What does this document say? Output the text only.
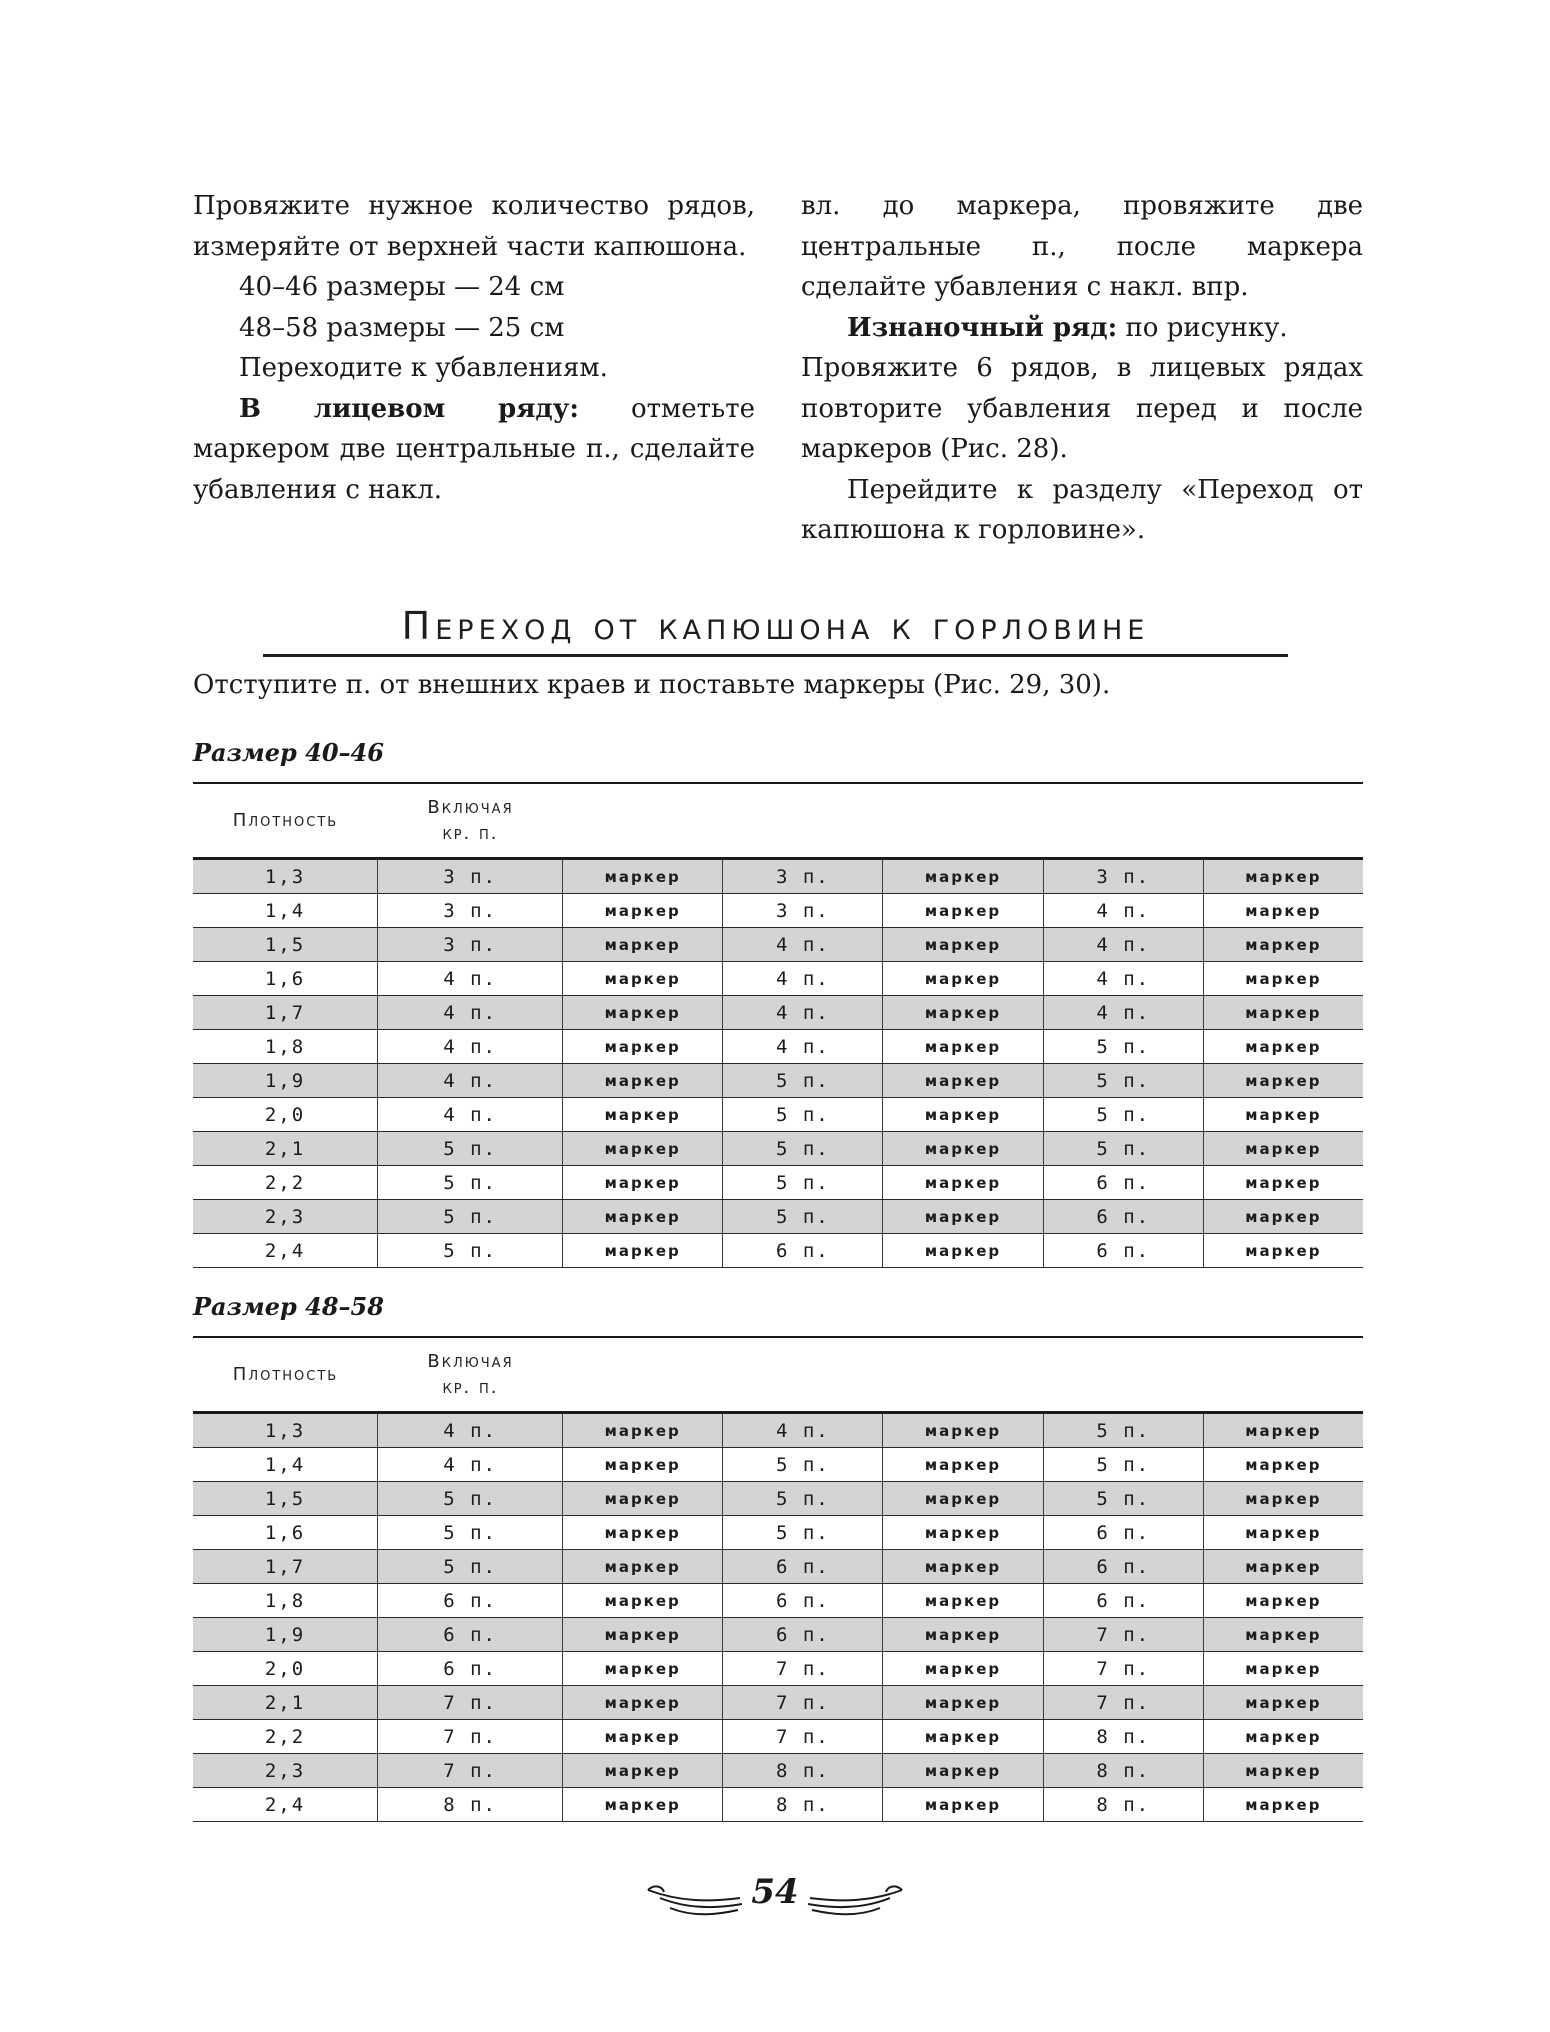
Провяжите нужное количество рядов, измеряйте от верхней части капюшона.

40–46 размеры — 24 см

48–58 размеры — 25 см

Переходите к убавлениям.

В лицевом ряду: отметьте маркером две центральные п., сделайте убавления с накл.

вл. до маркера, провяжите две центральные п., после маркера сделайте убавления с накл. впр.

Изнаночный ряд: по рисунку.

Провяжите 6 рядов, в лицевых рядах повторите убавления перед и после маркеров (Рис. 28).

Перейдите к разделу «Переход от капюшона к горловине».

Переход от капюшона к горловине
Отступите п. от внешних краев и поставьте маркеры (Рис. 29, 30).
Размер 40–46
Плотность
Включая
кр. п.
1,3	3 п.	маркер	3 п.	маркер	3 п.	маркер
1,4	3 п.	маркер	3 п.	маркер	4 п.	маркер
1,5	3 п.	маркер	4 п.	маркер	4 п.	маркер
1,6	4 п.	маркер	4 п.	маркер	4 п.	маркер
1,7	4 п.	маркер	4 п.	маркер	4 п.	маркер
1,8	4 п.	маркер	4 п.	маркер	5 п.	маркер
1,9	4 п.	маркер	5 п.	маркер	5 п.	маркер
2,0	4 п.	маркер	5 п.	маркер	5 п.	маркер
2,1	5 п.	маркер	5 п.	маркер	5 п.	маркер
2,2	5 п.	маркер	5 п.	маркер	6 п.	маркер
2,3	5 п.	маркер	5 п.	маркер	6 п.	маркер
2,4	5 п.	маркер	6 п.	маркер	6 п.	маркер
Размер 48–58
Плотность
Включая
кр. п.
1,3	4 п.	маркер	4 п.	маркер	5 п.	маркер
1,4	4 п.	маркер	5 п.	маркер	5 п.	маркер
1,5	5 п.	маркер	5 п.	маркер	5 п.	маркер
1,6	5 п.	маркер	5 п.	маркер	6 п.	маркер
1,7	5 п.	маркер	6 п.	маркер	6 п.	маркер
1,8	6 п.	маркер	6 п.	маркер	6 п.	маркер
1,9	6 п.	маркер	6 п.	маркер	7 п.	маркер
2,0	6 п.	маркер	7 п.	маркер	7 п.	маркер
2,1	7 п.	маркер	7 п.	маркер	7 п.	маркер
2,2	7 п.	маркер	7 п.	маркер	8 п.	маркер
2,3	7 п.	маркер	8 п.	маркер	8 п.	маркер
2,4	8 п.	маркер	8 п.	маркер	8 п.	маркер
54
